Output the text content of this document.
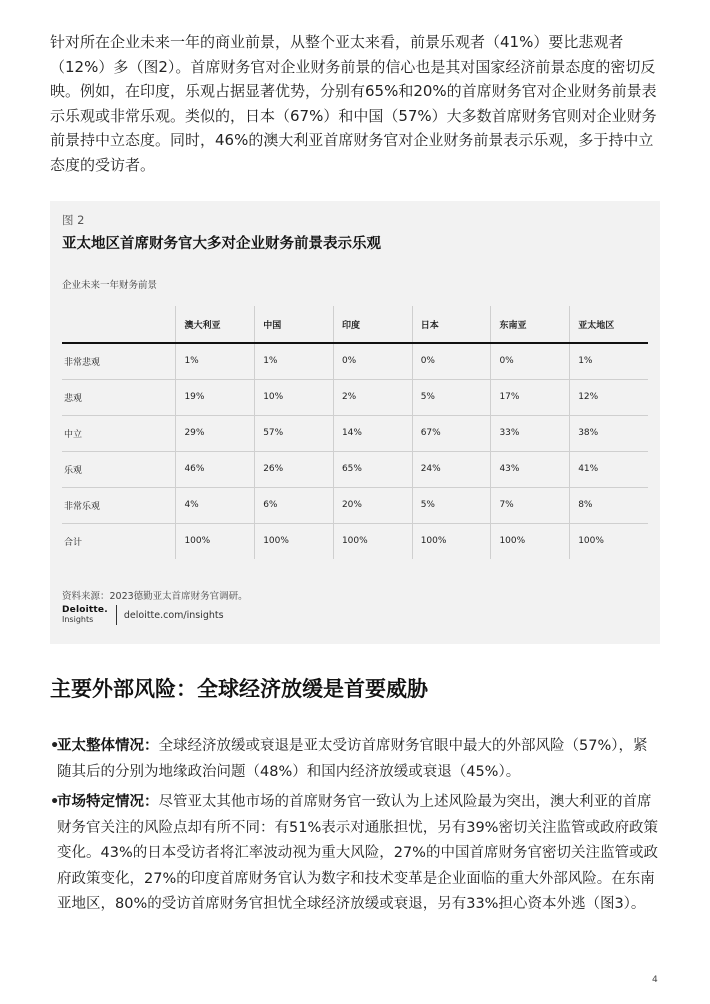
针对所在企业未来一年的商业前景，从整个亚太来看，前景乐观者（41%）要比悲观者（12%）多（图2）。首席财务官对企业财务前景的信心也是其对国家经济前景态度的密切反映。例如，在印度，乐观占据显著优势，分别有65%和20%的首席财务官对企业财务前景表示乐观或非常乐观。类似的，日本（67%）和中国（57%）大多数首席财务官则对企业财务前景持中立态度。同时，46%的澳大利亚首席财务官对企业财务前景表示乐观，多于持中立态度的受访者。

图 2
亚太地区首席财务官大多对企业财务前景表示乐观
企业未来一年财务前景
	澳大利亚	中国	印度	日本	东南亚	亚太地区
非常悲观	1%	1%	0%	0%	0%	1%
悲观	19%	10%	2%	5%	17%	12%
中立	29%	57%	14%	67%	33%	38%
乐观	46%	26%	65%	24%	43%	41%
非常乐观	4%	6%	20%	5%	7%	8%
合计	100%	100%	100%	100%	100%	100%
资料来源：2023德勤亚太首席财务官调研。
Deloitte.
Insights	deloitte.com/insights
主要外部风险：全球经济放缓是首要威胁
•
亚太整体情况：全球经济放缓或衰退是亚太受访首席财务官眼中最大的外部风险（57%），紧随其后的分别为地缘政治问题（48%）和国内经济放缓或衰退（45%）。
•
市场特定情况：尽管亚太其他市场的首席财务官一致认为上述风险最为突出，澳大利亚的首席财务官关注的风险点却有所不同：有51%表示对通胀担忧，另有39%密切关注监管或政府政策变化。43%的日本受访者将汇率波动视为重大风险，27%的中国首席财务官密切关注监管或政府政策变化，27%的印度首席财务官认为数字和技术变革是企业面临的重大外部风险。在东南亚地区，80%的受访首席财务官担忧全球经济放缓或衰退，另有33%担心资本外逃（图3）。
4
